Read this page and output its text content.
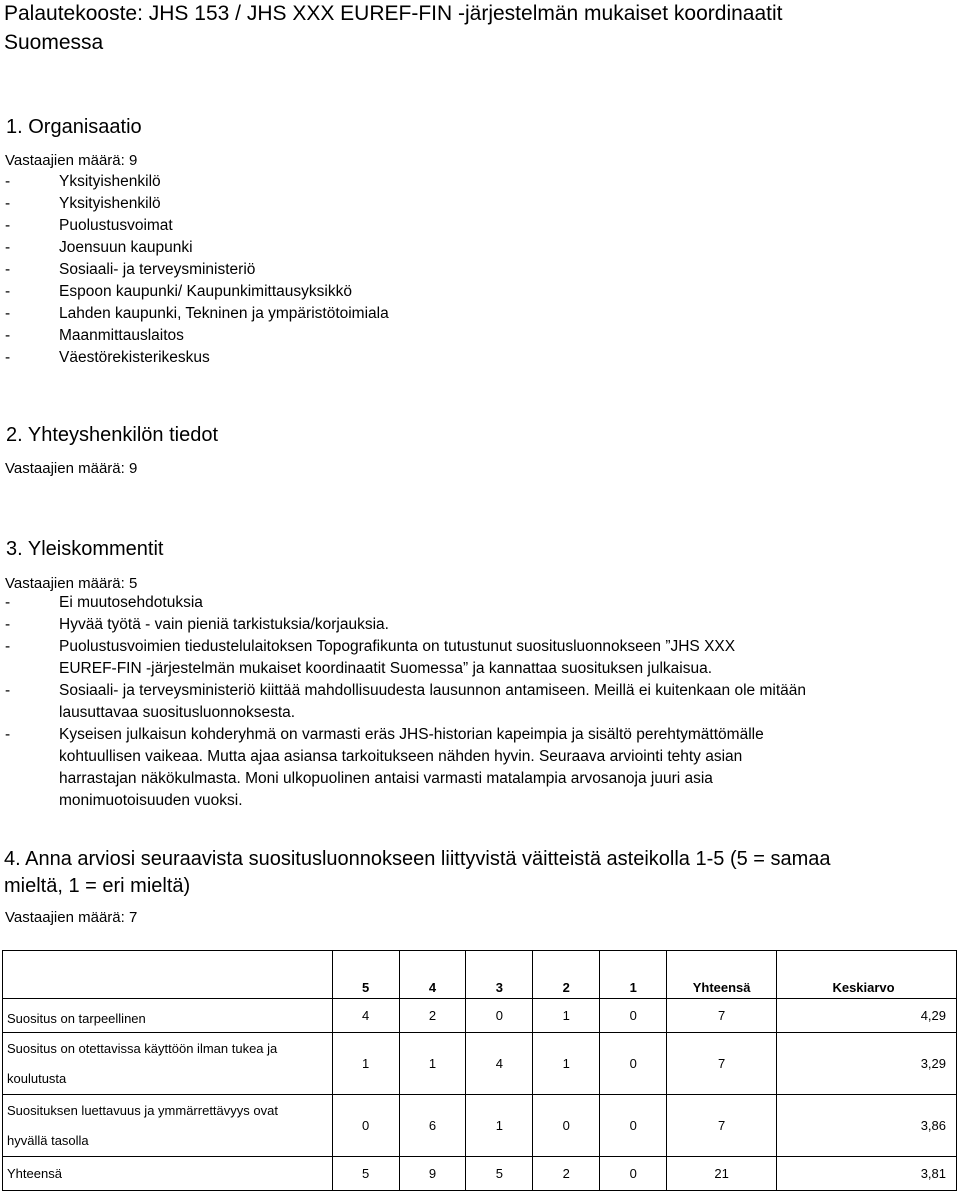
Palautekooste: JHS 153 / JHS XXX EUREF-FIN -järjestelmän mukaiset koordinaatit
Suomessa
1. Organisaatio
Vastaajien määrä: 9
-	Yksityishenkilö
-	Yksityishenkilö
-	Puolustusvoimat
-	Joensuun kaupunki
-	Sosiaali- ja terveysministeriö
-	Espoon kaupunki/ Kaupunkimittausyksikkö
-	Lahden kaupunki, Tekninen ja ympäristötoimiala
-	Maanmittauslaitos
-	Väestörekisterikeskus
2. Yhteyshenkilön tiedot
Vastaajien määrä: 9
3. Yleiskommentit
Vastaajien määrä: 5
-	Ei muutosehdotuksia
-	Hyvää työtä - vain pieniä tarkistuksia/korjauksia.
-	Puolustusvoimien tiedustelulaitoksen Topografikunta on tutustunut suositusluonnokseen ”JHS XXX
EUREF-FIN -järjestelmän mukaiset koordinaatit Suomessa” ja kannattaa suosituksen julkaisua.
-	Sosiaali- ja terveysministeriö kiittää mahdollisuudesta lausunnon antamiseen. Meillä ei kuitenkaan ole mitään
lausuttavaa suositusluonnoksesta.
-	Kyseisen julkaisun kohderyhmä on varmasti eräs JHS-historian kapeimpia ja sisältö perehtymättömälle
kohtuullisen vaikeaa. Mutta ajaa asiansa tarkoitukseen nähden hyvin. Seuraava arviointi tehty asian
harrastajan näkökulmasta. Moni ulkopuolinen antaisi varmasti matalampia arvosanoja juuri asia
monimuotoisuuden vuoksi.
4. Anna arviosi seuraavista suositusluonnokseen liittyvistä väitteistä asteikolla 1-5 (5 = samaa
mieltä, 1 = eri mieltä)
Vastaajien määrä: 7
	5	4	3	2	1	Yhteensä	Keskiarvo
Suositus on tarpeellinen	4	2	0	1	0	7	4,29
Suositus on otettavissa käyttöön ilman tukea ja
koulutusta	1	1	4	1	0	7	3,29
Suosituksen luettavuus ja ymmärrettävyys ovat
hyvällä tasolla	0	6	1	0	0	7	3,86
Yhteensä	5	9	5	2	0	21	3,81
